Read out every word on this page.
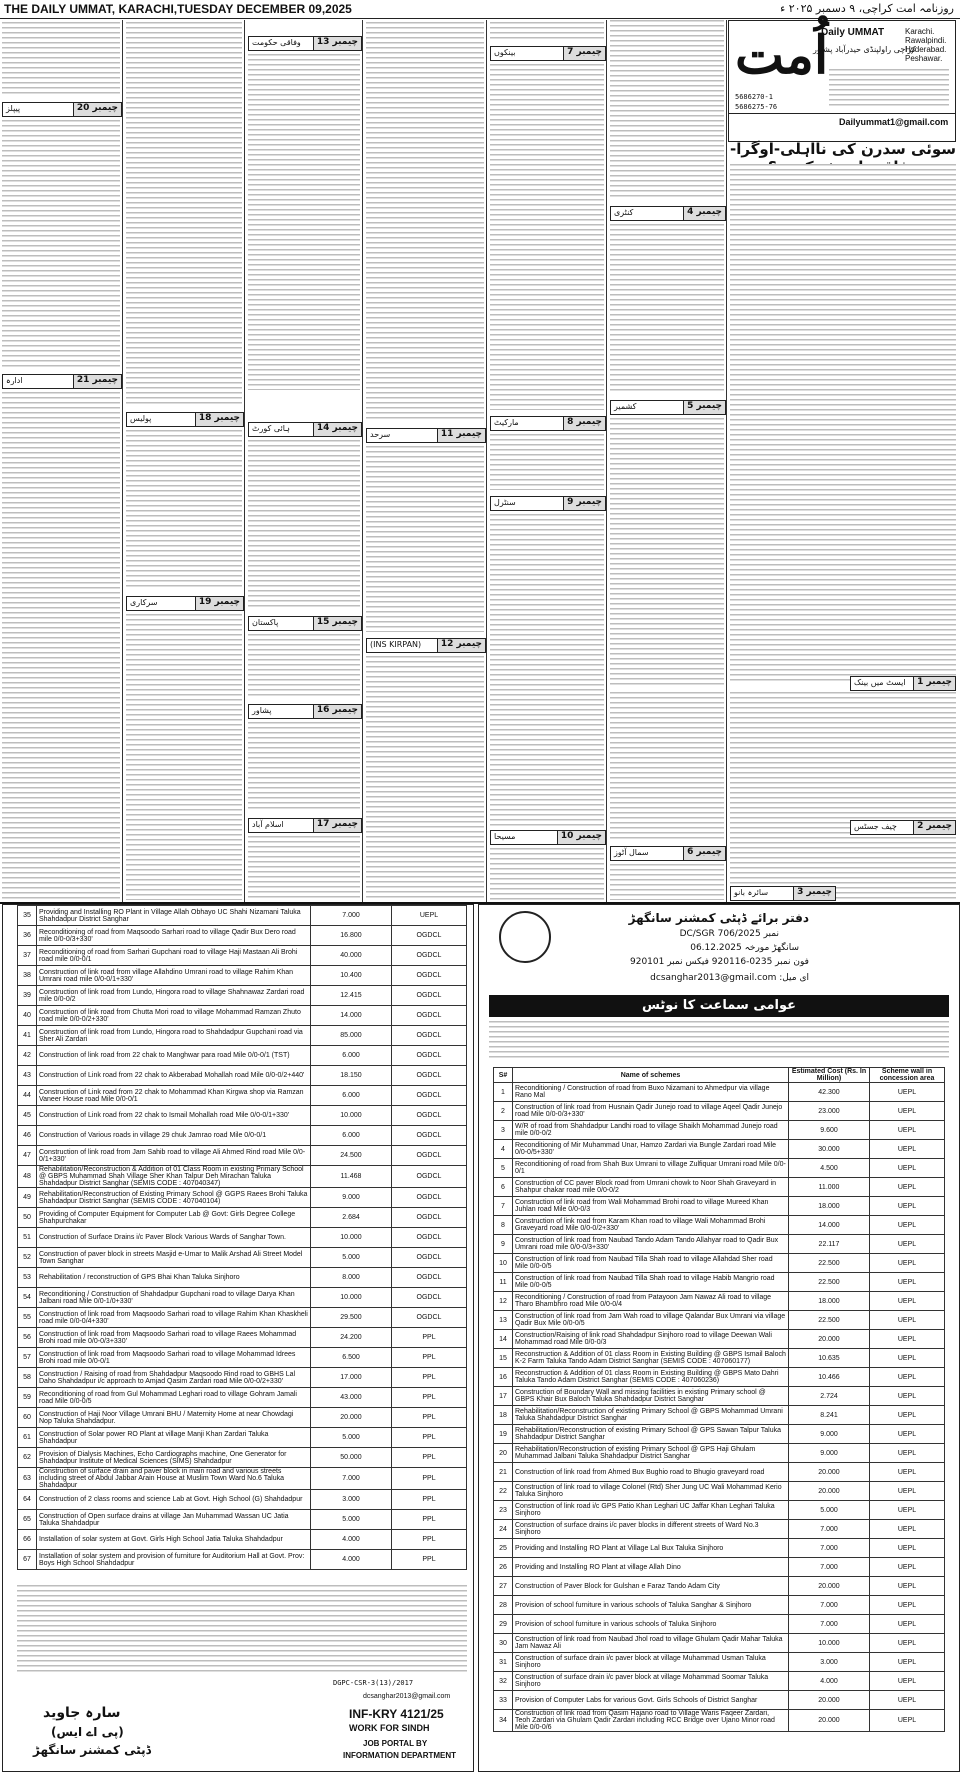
THE DAILY UMMAT, KARACHI,TUESDAY DECEMBER 09,2025	روزنامہ امت کراچی، ۹ دسمبر ۲۰۲۵ ء
اُمت
Daily UMMAT	Karachi.
Rawalpindi.
Hyderabad.
Peshawar.
کراچی راولپنڈی حیدرآباد پشاور
5686270-1
5686275-76
Dailyummat1@gmail.com
سوئی سدرن کی نااہلی-اوگرا-
چیمبر 4
کنٹری
چیمبر 5
کشمیر
چیمبر 6
سمال آٹوز
چیمبر 1
ایسٹ میں بینک
چیمبر 2
چیف جسٹس
چیمبر 3
سائرہ بانو
چیمبر 7
بینکوں
چیمبر 8
مارکیٹ
چیمبر 9
سنٹرل
چیمبر 10
مسیحا
چیمبر 11
سرحد
چیمبر 12
(INS KIRPAN)
چیمبر 13
وفاقی حکومت
چیمبر 14
ہائی کورٹ
چیمبر 15
پاکستان
چیمبر 16
پشاور
چیمبر 17
اسلام آباد
چیمبر 18
پولیس
چیمبر 19
سرکاری
چیمبر 20
پیپلز
چیمبر 21
ادارہ
35	Providing and Installing RO Plant in Village Allah Obhayo UC Shahi Nizamani Taluka Shahdadpur District Sanghar	7.000	UEPL
36	Reconditioning of road from Maqsoodo Sarhari road to village Qadir Bux Dero road mile 0/0-0/3+330'	16.800	OGDCL
37	Reconditioning of road from Sarhari Gupchani road to village Haji Mastaan Ali Brohi road mile 0/0-0/1	40.000	OGDCL
38	Construction of link road from village Allahdino Umrani road to village Rahim Khan Umrani road mile 0/0-0/1+330'	10.400	OGDCL
39	Construction of link road from Lundo, Hingora road to village Shahnawaz Zardari road mile 0/0-0/2	12.415	OGDCL
40	Construction of link road from Chutta Mori road to village Mohammad Ramzan Zhuto road mile 0/0-0/2+330'	14.000	OGDCL
41	Construction of link road from Lundo, Hingora road to Shahdadpur Gupchani road via Sher Ali Zardari	85.000	OGDCL
42	Construction of link road from 22 chak to Manghwar para road Mile 0/0-0/1 (TST)	6.000	OGDCL
43	Construction of Link road from 22 chak to Akberabad Mohallah road Mile 0/0-0/2+440'	18.150	OGDCL
44	Construction of Link road from 22 chak to Mohammad Khan Kirgwa shop via Ramzan Vaneer House road Mile 0/0-0/1	6.000	OGDCL
45	Construction of Link road from 22 chak to Ismail Mohallah road Mile 0/0-0/1+330'	10.000	OGDCL
46	Construction of Various roads in village 29 chuk Jamrao road Mile 0/0-0/1	6.000	OGDCL
47	Construction of link road from Jam Sahib road to village Ali Ahmed Rind road Mile 0/0-0/1+330'	24.500	OGDCL
48	Rehabilitation/Reconstruction & Addition of 01 Class Room in existing Primary School @ GBPS Muhammad Shah Village Sher Khan Talpur Deh Mirachan Taluka Shahdadpur District Sanghar (SEMIS CODE : 407040347)	11.468	OGDCL
49	Rehabilitation/Reconstruction of Existing Primary School @ GGPS Raees Brohi Taluka Shahdadpur District Sanghar (SEMIS CODE : 407040104)	9.000	OGDCL
50	Providing of Computer Equipment for Computer Lab @ Govt: Girls Degree College Shahpurchakar	2.684	OGDCL
51	Construction of Surface Drains i/c Paver Block Various Wards of Sanghar Town.	10.000	OGDCL
52	Construction of paver block in streets Masjid e-Umar to Malik Arshad Ali Street Model Town Sanghar	5.000	OGDCL
53	Rehabilitation / reconstruction of GPS Bhai Khan Taluka Sinjhoro	8.000	OGDCL
54	Reconditioning / Construction of Shahdadpur Gupchani road to village Darya Khan Jalbani road Mile 0/0-1/0+330'	10.000	OGDCL
55	Construction of link road from Maqsoodo Sarhari road to village Rahim Khan Khaskheli road mile 0/0-0/4+330'	29.500	OGDCL
56	Construction of link road from Maqsoodo Sarhari road to village Raees Mohammad Brohi road mile 0/0-0/3+330'	24.200	PPL
57	Construction of link road from Maqsoodo Sarhari road to village Mohammad Idrees Brohi road mile 0/0-0/1	6.500	PPL
58	Construction / Raising of road from Shahdadpur Maqsoodo Rind road to GBHS Lal Daho Shahdadpur i/c approach to Amjad Qasim Zardari road Mile 0/0-0/2+330'	17.000	PPL
59	Reconditioning of road from Gul Mohammad Leghari road to village Gohram Jamali road Mile 0/0-0/5	43.000	PPL
60	Construction of Haji Noor Village Umrani BHU / Maternity Home at near Chowdagi Nop Taluka Shahdadpur.	20.000	PPL
61	Construction of Solar power RO Plant at village Manji Khan Zardari Taluka Shahdadpur	5.000	PPL
62	Provision of Dialysis Machines, Echo Cardiographs machine, One Generator for Shahdadpur Institute of Medical Sciences (SIMS) Shahdadpur	50.000	PPL
63	Construction of surface drain and paver block in main road and various streets including street of Abdul Jabbar Arain House at Muslim Town Ward No.6 Taluka Shahdadpur	7.000	PPL
64	Construction of 2 class rooms and science Lab at Govt. High School (G) Shahdadpur	3.000	PPL
65	Construction of Open surface drains at village Jan Muhammad Wassan UC Jatia Taluka Shahdadpur	5.000	PPL
66	Installation of solar system at Govt. Girls High School Jatia Taluka Shahdadpur	4.000	PPL
67	Installation of solar system and provision of furniture for Auditorium Hall at Govt. Prov: Boys High School Shahdadpur	4.000	PPL
DGPC-CSR-3(13)/2017
dcsanghar2013@gmail.com
سارہ جاوید
(پی اے ایس)
ڈپٹی کمشنر سانگھڑ
INF-KRY 4121/25
WORK FOR SINDH
JOB PORTAL BY
INFORMATION DEPARTMENT
دفتر برائے ڈپٹی کمشنر سانگھڑ
نمبر DC/SGR 706/2025
سانگھڑ مورخہ 06.12.2025
فون نمبر 0235-920116 فیکس نمبر 920101
ای میل: dcsanghar2013@gmail.com
عوامی سماعت کا نوٹس
S#	Name of schemes	Estimated Cost (Rs. In Million)	Scheme wall in concession area
1	Reconditioning / Construction of road from Buxo Nizamani to Ahmedpur via village Rano Mal	42.300	UEPL
2	Construction of link road from Husnain Qadir Junejo road to village Aqeel Qadir Junejo road Mile 0/0-0/3+330'	23.000	UEPL
3	W/R of road from Shahdadpur Landhi road to village Shaikh Mohammad Junejo road mile 0/0-0/2	9.600	UEPL
4	Reconditioning of Mir Muhammad Unar, Hamzo Zardari via Bungle Zardari road Mile 0/0-0/5+330'	30.000	UEPL
5	Reconditioning of road from Shah Bux Umrani to village Zulfiquar Umrani road Mile 0/0-0/1	4.500	UEPL
6	Construction of CC paver Block road from Umrani chowk to Noor Shah Graveyard in Shahpur chakar road mile 0/0-0/2	11.000	UEPL
7	Construction of link road from Wali Mohammad Brohi road to village Mureed Khan Juhlan road Mile 0/0-0/3	18.000	UEPL
8	Construction of link road from Karam Khan road to village Wali Mohammad Brohi Graveyard road Mile 0/0-0/2+330'	14.000	UEPL
9	Construction of link road from Naubad Tando Adam Tando Allahyar road to Qadir Bux Umrani road mile 0/0-0/3+330'	22.117	UEPL
10	Construction of link road from Naubad Tilla Shah road to village Allahdad Sher road Mile 0/0-0/5	22.500	UEPL
11	Construction of link road from Naubad Tilla Shah road to village Habib Mangrio road Mile 0/0-0/5	22.500	UEPL
12	Reconditioning / Construction of road from Patayoon Jam Nawaz Ali road to village Tharo Bhambhro road Mile 0/0-0/4	18.000	UEPL
13	Construction of link road from Jam Wah road to village Qalandar Bux Umrani via village Qadir Bux Mile 0/0-0/5	22.500	UEPL
14	Construction/Raising of link road Shahdadpur Sinjhoro road to village Deewan Wali Mohammad road Mile 0/0-0/3	20.000	UEPL
15	Reconstruction & Addition of 01 class Room in Existing Building @ GBPS Ismail Baloch K-2 Farm Taluka Tando Adam District Sanghar (SEMIS CODE : 407060177)	10.635	UEPL
16	Reconstruction & Addition of 01 class Room in Existing Building @ GBPS Mato Dahri Taluka Tando Adam District Sanghar (SEMIS CODE : 407060236)	10.466	UEPL
17	Construction of Boundary Wall and missing facilities in existing Primary school @ GBPS Khair Bux Baloch Taluka Shahdadpur District Sanghar	2.724	UEPL
18	Rehabilitation/Reconstruction of existing Primary School @ GBPS Mohammad Umrani Taluka Shahdadpur District Sanghar	8.241	UEPL
19	Rehabilitation/Reconstruction of existing Primary School @ GPS Sawan Talpur Taluka Shahdadpur District Sanghar	9.000	UEPL
20	Rehabilitation/Reconstruction of existing Primary School @ GPS Haji Ghulam Muhammad Jalbani Taluka Shahdadpur District Sanghar	9.000	UEPL
21	Construction of link road from Ahmed Bux Bughio road to Bhugio graveyard road	20.000	UEPL
22	Construction of link road to village Colonel (Rtd) Sher Jung UC Wali Mohammad Kerio Taluka Sinjhoro	20.000	UEPL
23	Construction of link road i/c GPS Patio Khan Leghari UC Jaffar Khan Leghari Taluka Sinjhoro	5.000	UEPL
24	Construction of surface drains i/c paver blocks in different streets of Ward No.3 Sinjhoro	7.000	UEPL
25	Providing and Installing RO Plant at Village Lal Bux Taluka Sinjhoro	7.000	UEPL
26	Providing and Installing RO Plant at village Allah Dino	7.000	UEPL
27	Construction of Paver Block for Gulshan e Faraz Tando Adam City	20.000	UEPL
28	Provision of school furniture in various schools of Taluka Sanghar & Sinjhoro	7.000	UEPL
29	Provision of school furniture in various schools of Taluka Sinjhoro	7.000	UEPL
30	Construction of link road from Naubad Jhol road to village Ghulam Qadir Mahar Taluka Jam Nawaz Ali	10.000	UEPL
31	Construction of surface drain i/c paver block at village Muhammad Usman Taluka Sinjhoro	3.000	UEPL
32	Construction of surface drain i/c paver block at village Mohammad Soomar Taluka Sinjhoro	4.000	UEPL
33	Provision of Computer Labs for various Govt. Girls Schools of District Sanghar	20.000	UEPL
34	Construction of link road from Qasim Hajano road to Village Waris Faqeer Zardari, Teoh Zardari via Ghulam Qadir Zardari including RCC Bridge over Ujano Minor road Mile 0/0-0/6	20.000	UEPL
